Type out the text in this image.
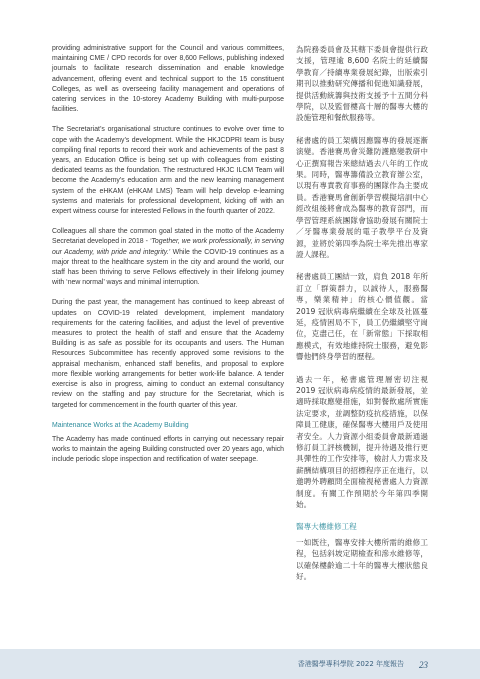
providing administrative support for the Council and various committees, maintaining CME / CPD records for over 8,600 Fellows, publishing indexed journals to facilitate research dissemination and enable knowledge advancement, offering event and technical support to the 15 constituent Colleges, as well as overseeing facility management and operations of catering services in the 10-storey Academy Building with multi-purpose facilities.

The Secretariat’s organisational structure continues to evolve over time to cope with the Academy’s development. While the HKJCDPRI team is busy compiling final reports to record their work and achievements of the past 8 years, an Education Office is being set up with colleagues from existing dedicated teams as the foundation. The restructured HKJC ILCM Team will become the Academy’s education arm and the new learning management system of the eHKAM (eHKAM LMS) Team will help develop e-learning systems and materials for professional development, kicking off with an expert witness course for interested Fellows in the fourth quarter of 2022.

Colleagues all share the common goal stated in the motto of the Academy Secretariat developed in 2018 - ‘Together, we work professionally, in serving our Academy, with pride and integrity.’ While the COVID-19 continues as a major threat to the healthcare system in the city and around the world, our staff has been thriving to serve Fellows effectively in their lifelong journey with ‘new normal’ ways and minimal interruption.

During the past year, the management has continued to keep abreast of updates on COVID-19 related development, implement mandatory requirements for the catering facilities, and adjust the level of preventive measures to protect the health of staff and ensure that the Academy Building is as safe as possible for its occupants and users. The Human Resources Subcommittee has recently approved some revisions to the appraisal mechanism, enhanced staff benefits, and proposal to explore more flexible working arrangements for better work-life balance. A tender exercise is also in progress, aiming to conduct an external consultancy review on the staffing and pay structure for the Secretariat, which is targeted for commencement in the fourth quarter of this year.

Maintenance Works at the Academy Building

The Academy has made continued efforts in carrying out necessary repair works to maintain the ageing Building constructed over 20 years ago, which include periodic slope inspection and rectification of water seepage.

為院務委員會及其轄下委員會提供行政支援，管理逾 8,600 名院士的延續醫學教育／持續專業發展紀錄，出版索引期刊以推動研究傳播和促進知識發展，提供活動統籌與技術支援予十五間分科學院，以及監督樓高十層的醫專大樓的設施管理和餐飲服務等。

秘書處的員工架構因應醫專的發展逐漸演變。香港賽馬會災難防護應變教研中心正撰寫報告來總結過去八年的工作成果。同時，醫專籌備設立教育辦公室，以現有專責教育事務的團隊作為主要成員。香港賽馬會創新學習模擬培訓中心經改組後將會成為醫專的教育部門，而學習管理系統團隊會協助發展有關院士／牙醫專業發展的電子教學平台及資源，並將於第四季為院士率先推出專家證人課程。

秘書處員工團結一致，肩負 2018 年所訂立「群策群力，以誠待人，服務醫專，樂業精神」的核心價值觀。當 2019 冠狀病毒病繼續在全球及社區蔓延，疫情困局不下，員工仍繼續堅守崗位，克盡己任，在「新常態」下採取相應模式，有效地維持院士服務，避免影響他們終身學習的歷程。

過去一年，秘書處管理層密切注視 2019 冠狀病毒病疫情的最新發展，並適時採取應變措施，如對餐飲處所實施法定要求，並調整防疫抗疫措施，以保障員工健康，確保醫專大樓用戶及使用者安全。人力資源小組委員會最新通過修訂員工評核機制，提升待遇及推行更具彈性的工作安排等，檢討人力需求及薪酬結構項目的招標程序正在進行，以邀聘外聘顧問全面檢視秘書處人力資源制度。有關工作預期於今年第四季開始。

醫專大樓維修工程

一如既往，醫專安排大樓所需的維修工程，包括斜坡定期檢查和滲水維修等，以確保樓齡逾二十年的醫專大樓狀態良好。

香港醫學專科學院 2022 年度報告 23
